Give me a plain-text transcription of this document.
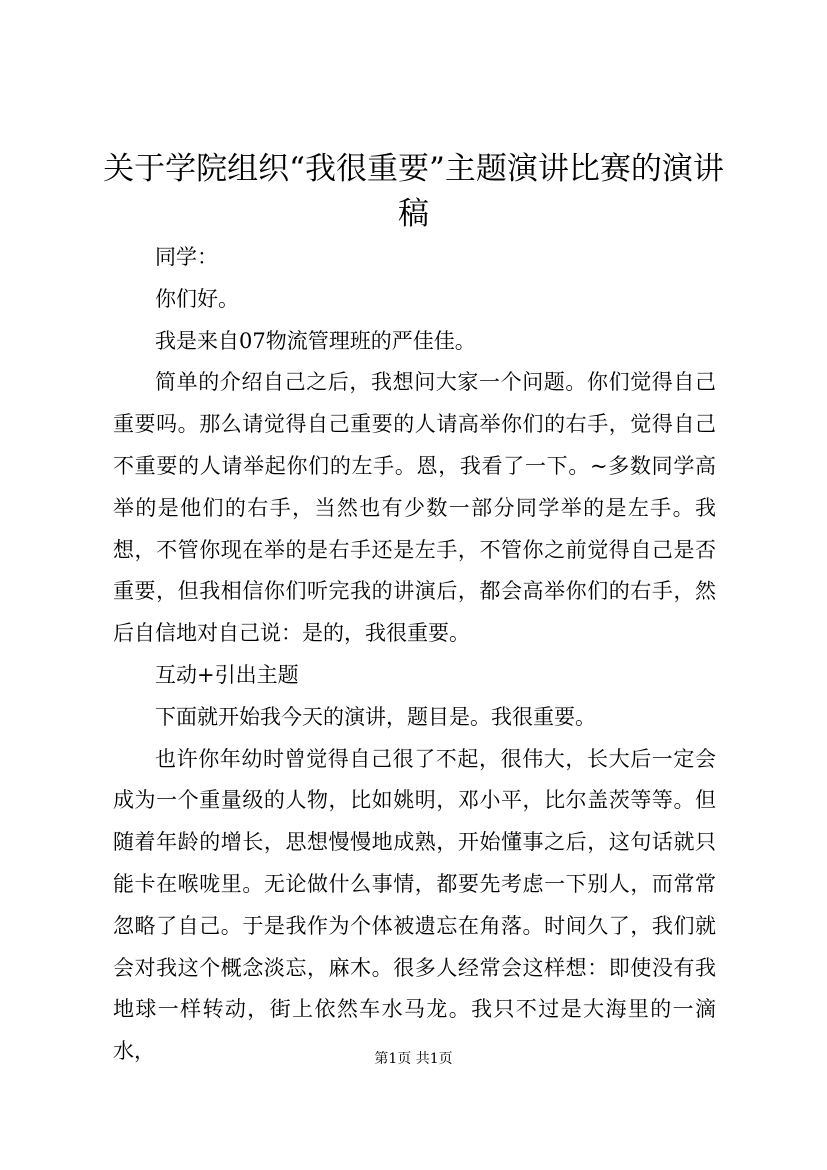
关于学院组织“我很重要”主题演讲比赛的演讲稿

同学：

你们好。

我是来自07物流管理班的严佳佳。

简单的介绍自己之后，我想问大家一个问题。你们觉得自己重要吗。那么请觉得自己重要的人请高举你们的右手，觉得自己不重要的人请举起你们的左手。恩，我看了一下。~多数同学高举的是他们的右手，当然也有少数一部分同学举的是左手。我想，不管你现在举的是右手还是左手，不管你之前觉得自己是否重要，但我相信你们听完我的讲演后，都会高举你们的右手，然后自信地对自己说：是的，我很重要。

互动+引出主题

下面就开始我今天的演讲，题目是。我很重要。

也许你年幼时曾觉得自己很了不起，很伟大，长大后一定会成为一个重量级的人物，比如姚明，邓小平，比尔盖茨等等。但随着年龄的增长，思想慢慢地成熟，开始懂事之后，这句话就只能卡在喉咙里。无论做什么事情，都要先考虑一下别人，而常常忽略了自己。于是我作为个体被遗忘在角落。时间久了，我们就会对我这个概念淡忘，麻木。很多人经常会这样想：即使没有我地球一样转动，街上依然车水马龙。我只不过是大海里的一滴水，	第1页 共1页
